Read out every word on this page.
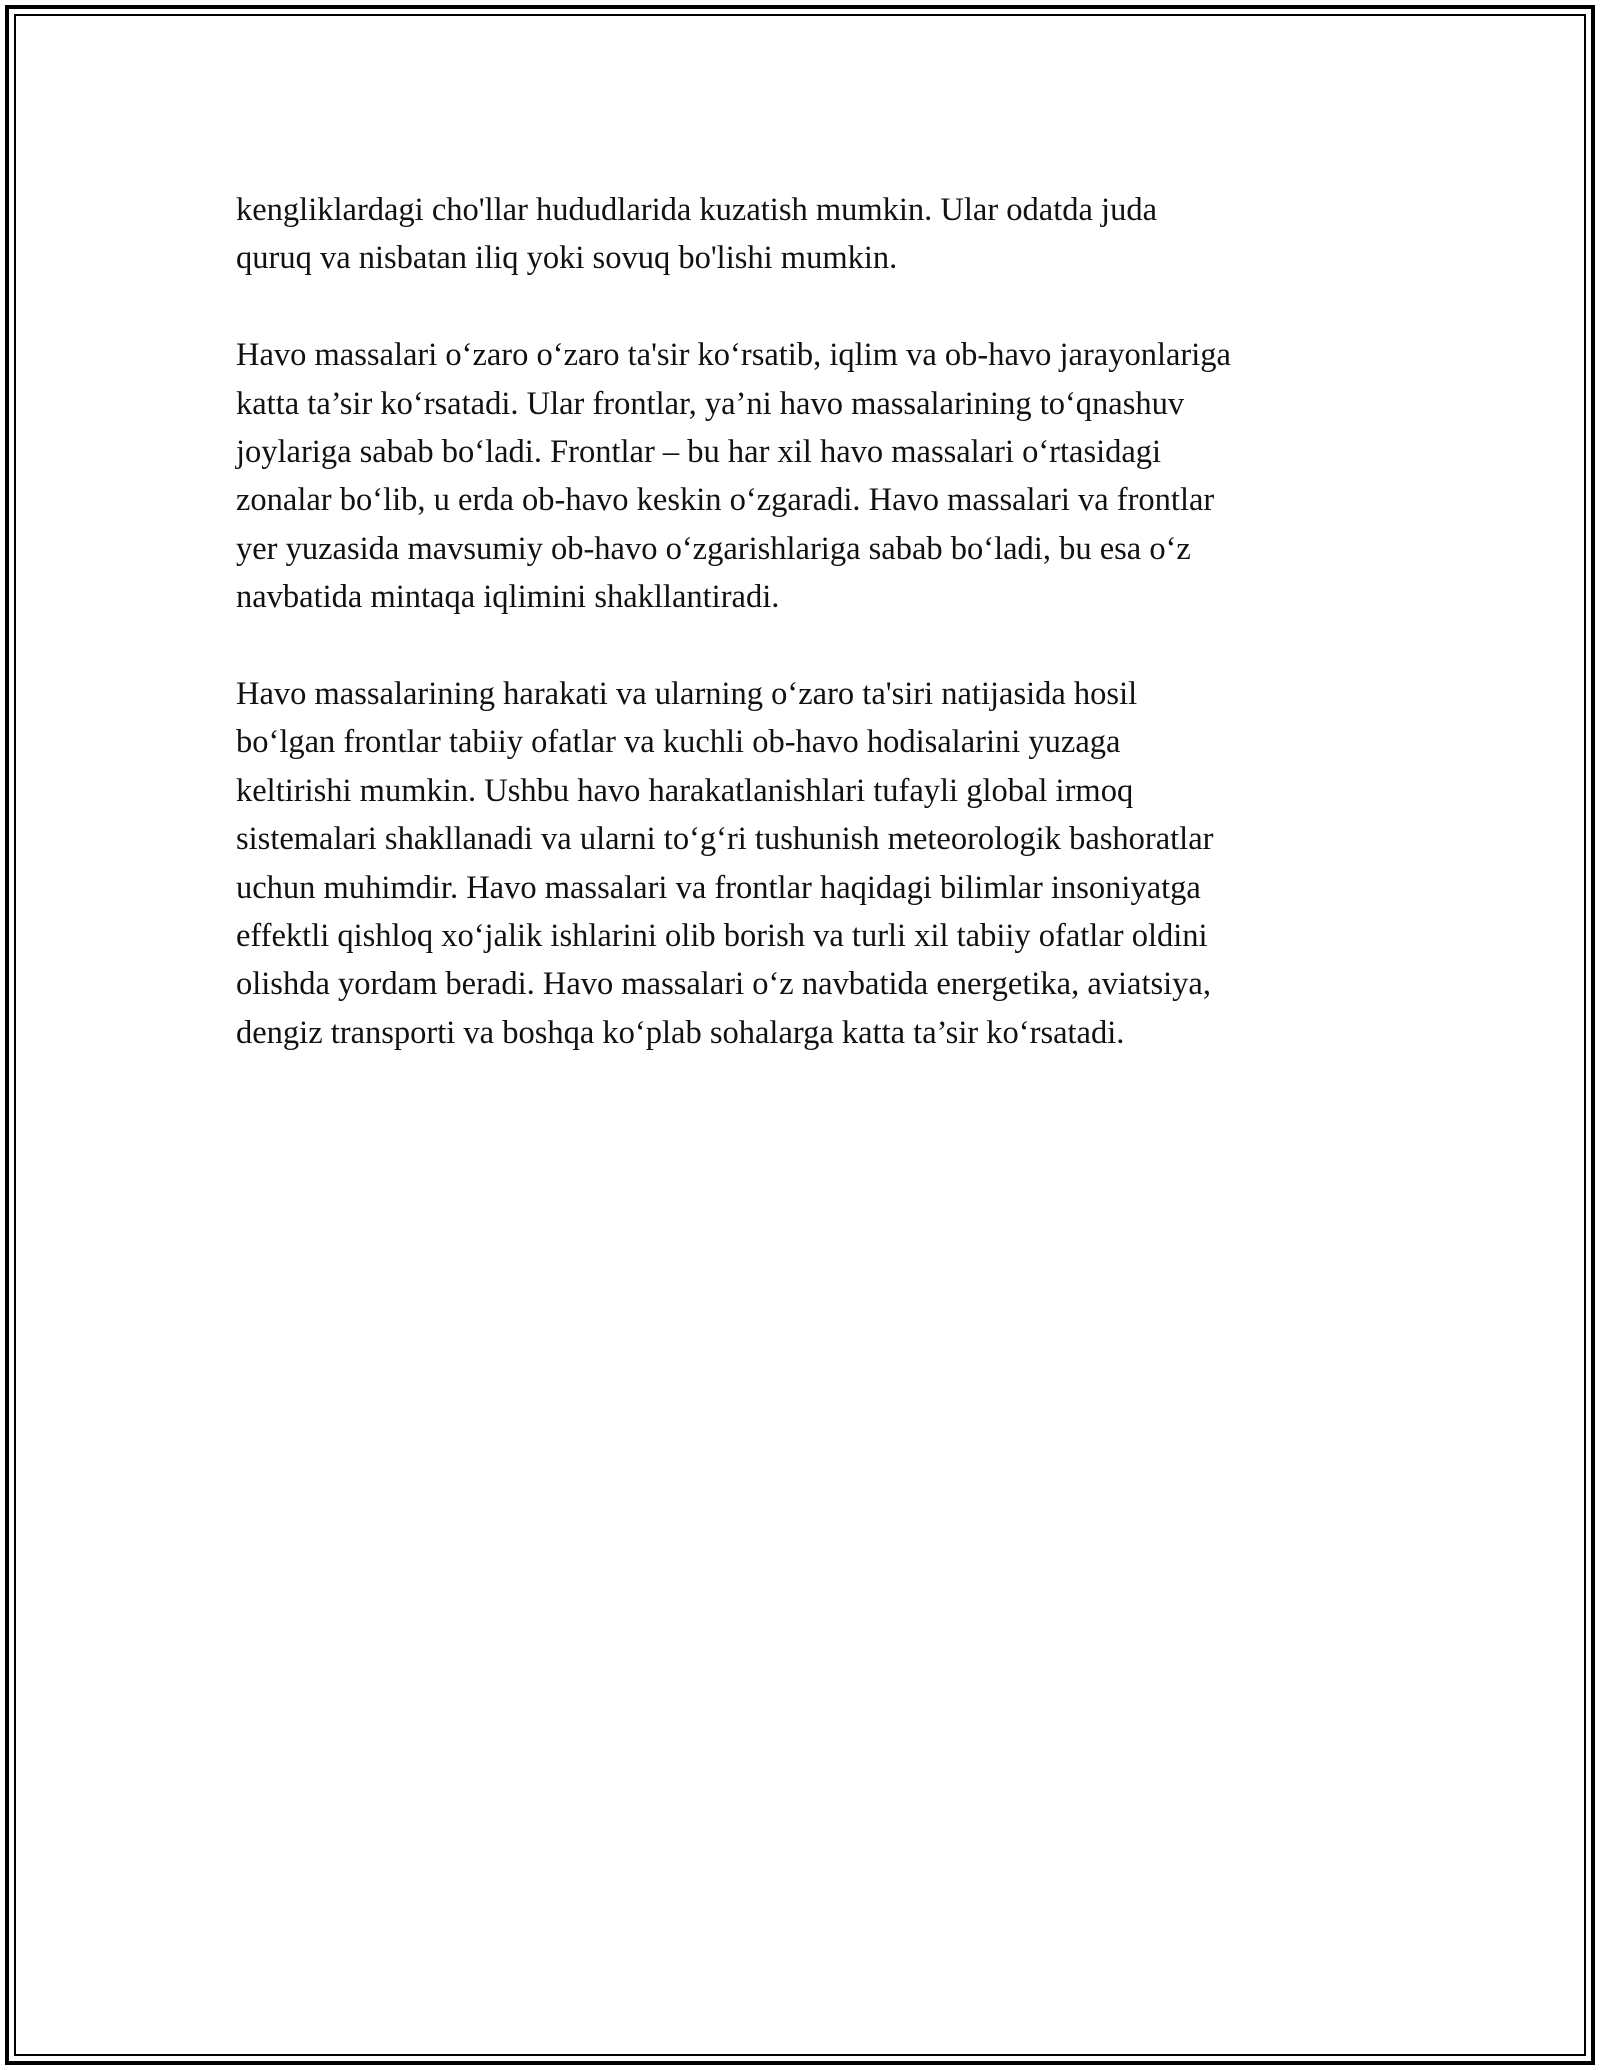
kengliklardagi cho'llar hududlarida kuzatish mumkin. Ular odatda juda
quruq va nisbatan iliq yoki sovuq bo'lishi mumkin.

Havo massalari o‘zaro o‘zaro ta'sir ko‘rsatib, iqlim va ob-havo jarayonlariga
katta ta’sir ko‘rsatadi. Ular frontlar, ya’ni havo massalarining to‘qnashuv
joylariga sabab bo‘ladi. Frontlar – bu har xil havo massalari o‘rtasidagi
zonalar bo‘lib, u erda ob-havo keskin o‘zgaradi. Havo massalari va frontlar
yer yuzasida mavsumiy ob-havo o‘zgarishlariga sabab bo‘ladi, bu esa o‘z
navbatida mintaqa iqlimini shakllantiradi.

Havo massalarining harakati va ularning o‘zaro ta'siri natijasida hosil
bo‘lgan frontlar tabiiy ofatlar va kuchli ob-havo hodisalarini yuzaga
keltirishi mumkin. Ushbu havo harakatlanishlari tufayli global irmoq
sistemalari shakllanadi va ularni to‘g‘ri tushunish meteorologik bashoratlar
uchun muhimdir. Havo massalari va frontlar haqidagi bilimlar insoniyatga
effektli qishloq xo‘jalik ishlarini olib borish va turli xil tabiiy ofatlar oldini
olishda yordam beradi. Havo massalari o‘z navbatida energetika, aviatsiya,
dengiz transporti va boshqa ko‘plab sohalarga katta ta’sir ko‘rsatadi.
